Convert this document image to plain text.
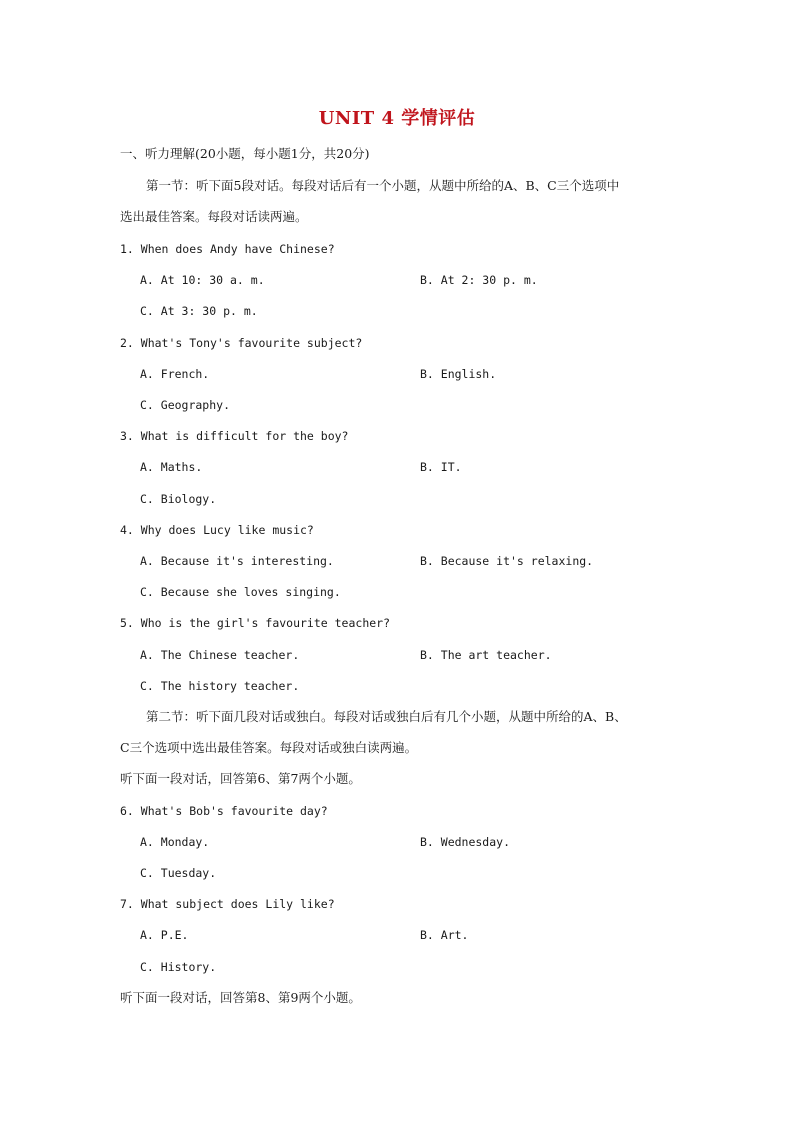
UNIT 4 学情评估
一、听力理解(20小题，每小题1分，共20分)
第一节：听下面5段对话。每段对话后有一个小题，从题中所给的A、B、C三个选项中
选出最佳答案。每段对话读两遍。
1. When does Andy have Chinese?
A. At 10: 30 a. m.	B. At 2: 30 p. m.
C. At 3: 30 p. m.
2. What's Tony's favourite subject?
A. French.	B. English.
C. Geography.
3. What is difficult for the boy?
A. Maths.	B. IT.
C. Biology.
4. Why does Lucy like music?
A. Because it's interesting.	B. Because it's relaxing.
C. Because she loves singing.
5. Who is the girl's favourite teacher?
A. The Chinese teacher.	B. The art teacher.
C. The history teacher.
第二节：听下面几段对话或独白。每段对话或独白后有几个小题，从题中所给的A、B、
C三个选项中选出最佳答案。每段对话或独白读两遍。
听下面一段对话，回答第6、第7两个小题。
6. What's Bob's favourite day?
A. Monday.	B. Wednesday.
C. Tuesday.
7. What subject does Lily like?
A. P.E.	B. Art.
C. History.
听下面一段对话，回答第8、第9两个小题。
